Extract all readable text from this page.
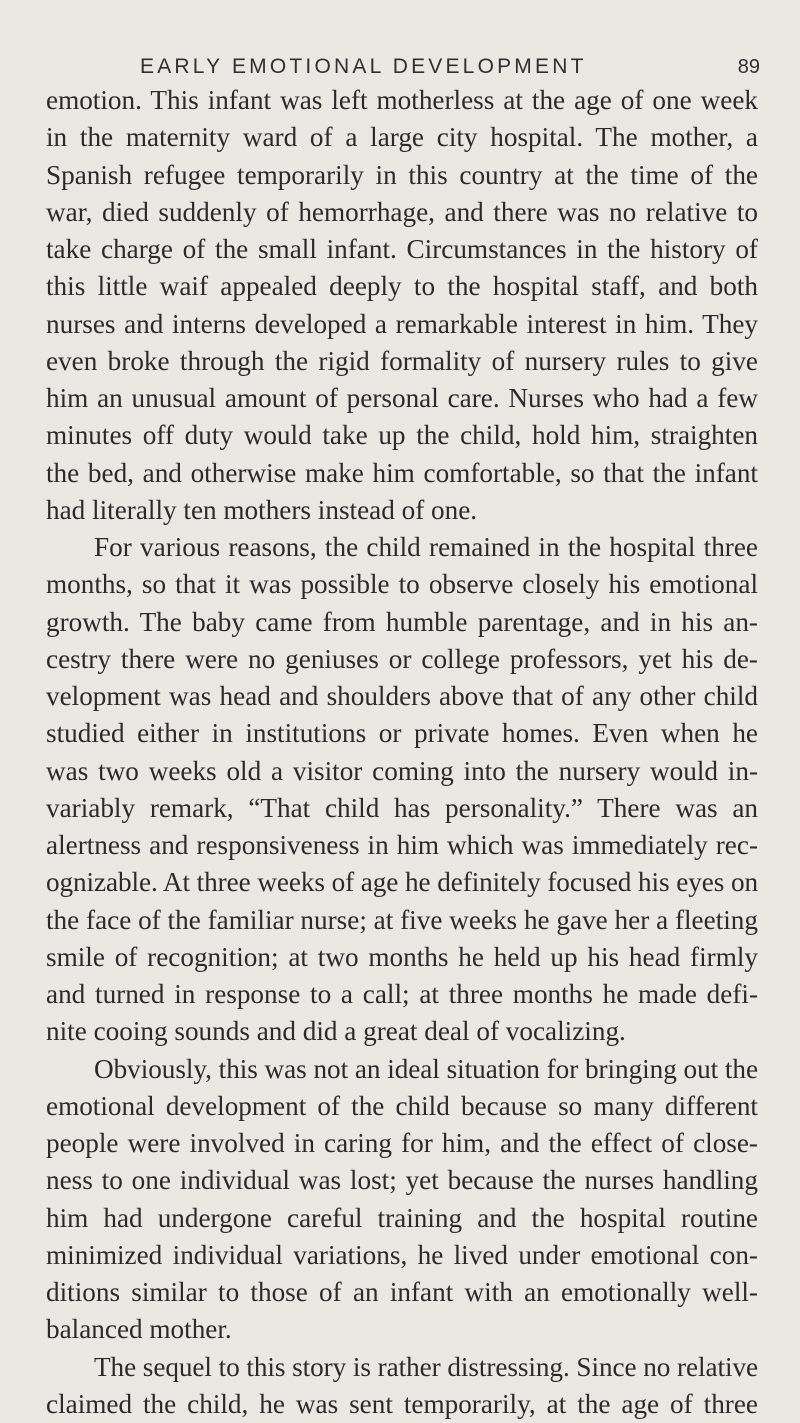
EARLY EMOTIONAL DEVELOPMENT	89

emotion. This infant was left motherless at the age of one week
in the maternity ward of a large city hospital. The mother, a
Spanish refugee temporarily in this country at the time of the
war, died suddenly of hemorrhage, and there was no relative to
take charge of the small infant. Circumstances in the history of
this little waif appealed deeply to the hospital staff, and both
nurses and interns developed a remarkable interest in him. They
even broke through the rigid formality of nursery rules to give
him an unusual amount of personal care. Nurses who had a few
minutes off duty would take up the child, hold him, straighten
the bed, and otherwise make him comfortable, so that the infant
had literally ten mothers instead of one.

For various reasons, the child remained in the hospital three
months, so that it was possible to observe closely his emotional
growth. The baby came from humble parentage, and in his an-
cestry there were no geniuses or college professors, yet his de-
velopment was head and shoulders above that of any other child
studied either in institutions or private homes. Even when he
was two weeks old a visitor coming into the nursery would in-
variably remark, “That child has personality.” There was an
alertness and responsiveness in him which was immediately rec-
ognizable. At three weeks of age he definitely focused his eyes on
the face of the familiar nurse; at five weeks he gave her a fleeting
smile of recognition; at two months he held up his head firmly
and turned in response to a call; at three months he made defi-
nite cooing sounds and did a great deal of vocalizing.

Obviously, this was not an ideal situation for bringing out the
emotional development of the child because so many different
people were involved in caring for him, and the effect of close-
ness to one individual was lost; yet because the nurses handling
him had undergone careful training and the hospital routine
minimized individual variations, he lived under emotional con-
ditions similar to those of an infant with an emotionally well-
balanced mother.

The sequel to this story is rather distressing. Since no relative
claimed the child, he was sent temporarily, at the age of three
